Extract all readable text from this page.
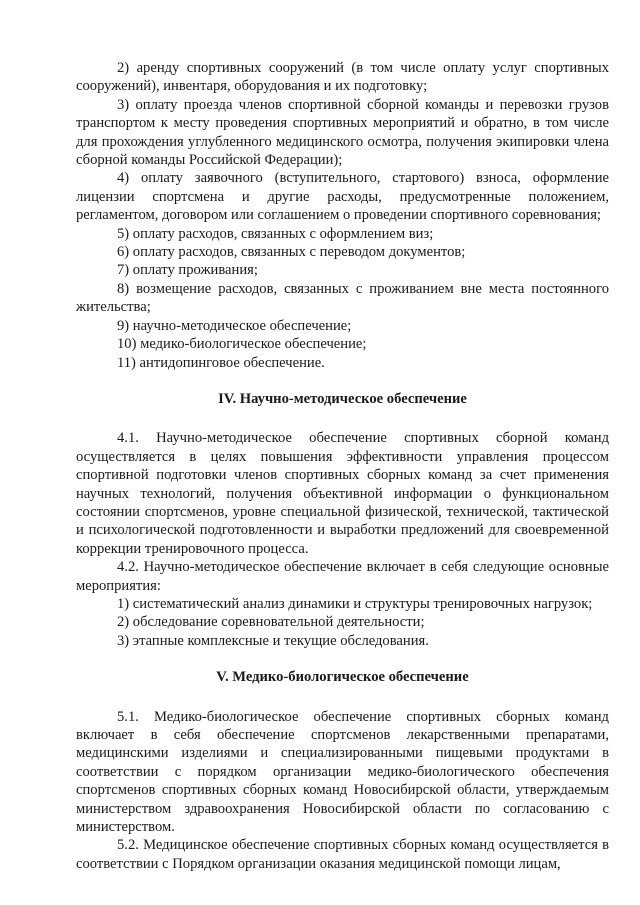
2) аренду спортивных сооружений (в том числе оплату услуг спортивных сооружений), инвентаря, оборудования и их подготовку;

3) оплату проезда членов спортивной сборной команды и перевозки грузов транспортом к месту проведения спортивных мероприятий и обратно, в том числе для прохождения углубленного медицинского осмотра, получения экипировки члена сборной команды Российской Федерации);

4) оплату заявочного (вступительного, стартового) взноса, оформление лицензии спортсмена и другие расходы, предусмотренные положением, регламентом, договором или соглашением о проведении спортивного соревнования;

5) оплату расходов, связанных с оформлением виз;

6) оплату расходов, связанных с переводом документов;

7) оплату проживания;

8) возмещение расходов, связанных с проживанием вне места постоянного жительства;

9) научно-методическое обеспечение;

10) медико-биологическое обеспечение;

11) антидопинговое обеспечение.

IV. Научно-методическое обеспечение

4.1. Научно-методическое обеспечение спортивных сборной команд осуществляется в целях повышения эффективности управления процессом спортивной подготовки членов спортивных сборных команд за счет применения научных технологий, получения объективной информации о функциональном состоянии спортсменов, уровне специальной физической, технической, тактической и психологической подготовленности и выработки предложений для своевременной коррекции тренировочного процесса.

4.2. Научно-методическое обеспечение включает в себя следующие основные мероприятия:

1) систематический анализ динамики и структуры тренировочных нагрузок;

2) обследование соревновательной деятельности;

3) этапные комплексные и текущие обследования.

V. Медико-биологическое обеспечение

5.1. Медико-биологическое обеспечение спортивных сборных команд включает в себя обеспечение спортсменов лекарственными препаратами, медицинскими изделиями и специализированными пищевыми продуктами в соответствии с порядком организации медико-биологического обеспечения спортсменов спортивных сборных команд Новосибирской области, утверждаемым министерством здравоохранения Новосибирской области по согласованию с министерством.

5.2. Медицинское обеспечение спортивных сборных команд осуществляется в соответствии с Порядком организации оказания медицинской помощи лицам,
